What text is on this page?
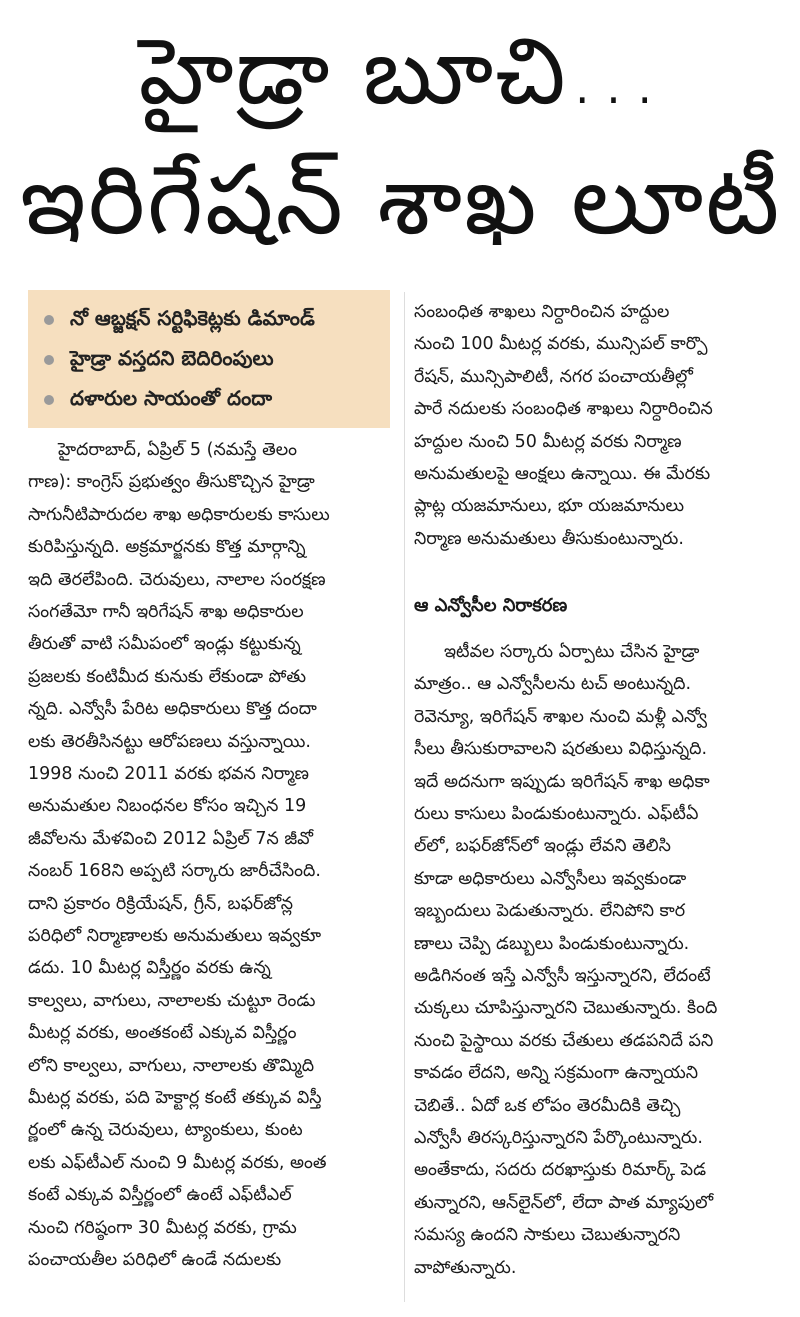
హైడ్రా బూచి...
ఇరిగేషన్ శాఖ లూటీ
నో ఆబ్జక్షన్ సర్టిఫికెట్లకు డిమాండ్
హైడ్రా వస్తదని బెదిరింపులు
దళారుల సాయంతో దందా
హైదరాబాద్, ఏప్రిల్ 5 (నమస్తే తెలం
గాణ): కాంగ్రెస్ ప్రభుత్వం తీసుకొచ్చిన హైడ్రా
సాగునీటిపారుదల శాఖ అధికారులకు కాసులు
కురిపిస్తున్నది. అక్రమార్జనకు కొత్త మార్గాన్ని
ఇది తెరలేపింది. చెరువులు, నాలాల సంరక్షణ
సంగతేమో గానీ ఇరిగేషన్ శాఖ అధికారుల
తీరుతో వాటి సమీపంలో ఇండ్లు కట్టుకున్న
ప్రజలకు కంటిమీద కునుకు లేకుండా పోతు
న్నది. ఎన్వోసీ పేరిట అధికారులు కొత్త దందా
లకు తెరతీసినట్టు ఆరోపణలు వస్తున్నాయి.
1998 నుంచి 2011 వరకు భవన నిర్మాణ
అనుమతుల నిబంధనల కోసం ఇచ్చిన 19
జీవోలను మేళవించి 2012 ఏప్రిల్ 7న జీవో
నంబర్ 168ని అప్పటి సర్కారు జారీచేసింది.
దాని ప్రకారం రిక్రియేషన్, గ్రీన్, బఫర్‌జోన్ల
పరిధిలో నిర్మాణాలకు అనుమతులు ఇవ్వకూ
డదు. 10 మీటర్ల విస్తీర్ణం వరకు ఉన్న
కాల్వలు, వాగులు, నాలాలకు చుట్టూ రెండు
మీటర్ల వరకు, అంతకంటే ఎక్కువ విస్తీర్ణం
లోని కాల్వలు, వాగులు, నాలాలకు తొమ్మిది
మీటర్ల వరకు, పది హెక్టార్ల కంటే తక్కువ విస్తీ
ర్ణంలో ఉన్న చెరువులు, ట్యాంకులు, కుంట
లకు ఎఫ్‌టీఎల్ నుంచి 9 మీటర్ల వరకు, అంత
కంటే ఎక్కువ విస్తీర్ణంలో ఉంటే ఎఫ్‌టీఎల్
నుంచి గరిష్ఠంగా 30 మీటర్ల వరకు, గ్రామ
పంచాయతీల పరిధిలో ఉండే నదులకు
సంబంధిత శాఖలు నిర్ధారించిన హద్దుల
నుంచి 100 మీటర్ల వరకు, మున్సిపల్ కార్పొ
రేషన్, మున్సిపాలిటీ, నగర పంచాయతీల్లో
పారే నదులకు సంబంధిత శాఖలు నిర్ధారించిన
హద్దుల నుంచి 50 మీటర్ల వరకు నిర్మాణ
అనుమతులపై ఆంక్షలు ఉన్నాయి. ఈ మేరకు
ప్లాట్ల యజమానులు, భూ యజమానులు
నిర్మాణ అనుమతులు తీసుకుంటున్నారు.
ఆ ఎన్వోసీల నిరాకరణ
ఇటీవల సర్కారు ఏర్పాటు చేసిన హైడ్రా
మాత్రం.. ఆ ఎన్వోసీలను టచ్ అంటున్నది.
రెవెన్యూ, ఇరిగేషన్ శాఖల నుంచి మళ్లీ ఎన్వో
సీలు తీసుకురావాలని షరతులు విధిస్తున్నది.
ఇదే అదనుగా ఇప్పుడు ఇరిగేషన్ శాఖ అధికా
రులు కాసులు పిండుకుంటున్నారు. ఎఫ్‌టీఏ
ల్‌లో, బఫర్‌జోన్‌లో ఇండ్లు లేవని తెలిసి
కూడా అధికారులు ఎన్వోసీలు ఇవ్వకుండా
ఇబ్బందులు పెడుతున్నారు. లేనిపోని కార
ణాలు చెప్పి డబ్బులు పిండుకుంటున్నారు.
అడిగినంత ఇస్తే ఎన్వోసీ ఇస్తున్నారని, లేదంటే
చుక్కలు చూపిస్తున్నారని చెబుతున్నారు. కింది
నుంచి పైస్థాయి వరకు చేతులు తడపనిదే పని
కావడం లేదని, అన్ని సక్రమంగా ఉన్నాయని
చెబితే.. ఏదో ఒక లోపం తెరమీదికి తెచ్చి
ఎన్వోసీ తిరస్కరిస్తున్నారని పేర్కొంటున్నారు.
అంతేకాదు, సదరు దరఖాస్తుకు రిమార్క్ పెడ
తున్నారని, ఆన్‌లైన్‌లో, లేదా పాత మ్యాపులో
సమస్య ఉందని సాకులు చెబుతున్నారని
వాపోతున్నారు.
